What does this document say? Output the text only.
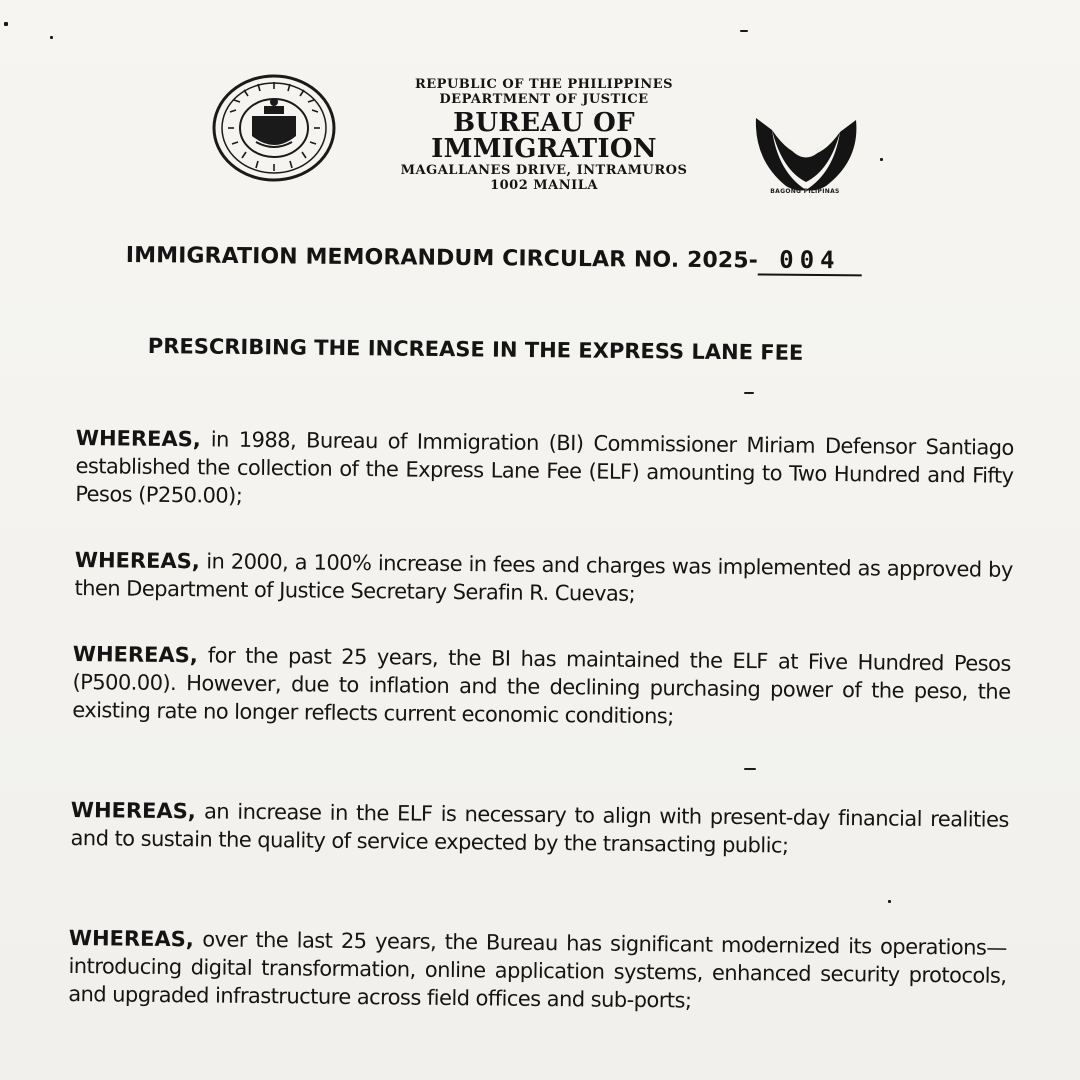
REPUBLIC OF THE PHILIPPINES
DEPARTMENT OF JUSTICE
BUREAU OF IMMIGRATION
MAGALLANES DRIVE, INTRAMUROS
1002 MANILA	BAGONG PILIPINAS
IMMIGRATION MEMORANDUM CIRCULAR NO. 2025- 004
PRESCRIBING THE INCREASE IN THE EXPRESS LANE FEE

WHEREAS, in 1988, Bureau of Immigration (BI) Commissioner Miriam Defensor Santiago established the collection of the Express Lane Fee (ELF) amounting to Two Hundred and Fifty Pesos (P250.00);

WHEREAS, in 2000, a 100% increase in fees and charges was implemented as approved by then Department of Justice Secretary Serafin R. Cuevas;

WHEREAS, for the past 25 years, the BI has maintained the ELF at Five Hundred Pesos (P500.00). However, due to inflation and the declining purchasing power of the peso, the existing rate no longer reflects current economic conditions;

WHEREAS, an increase in the ELF is necessary to align with present-day financial realities and to sustain the quality of service expected by the transacting public;

WHEREAS, over the last 25 years, the Bureau has significant modernized its operations— introducing digital transformation, online application systems, enhanced security protocols, and upgraded infrastructure across field offices and sub-ports;
